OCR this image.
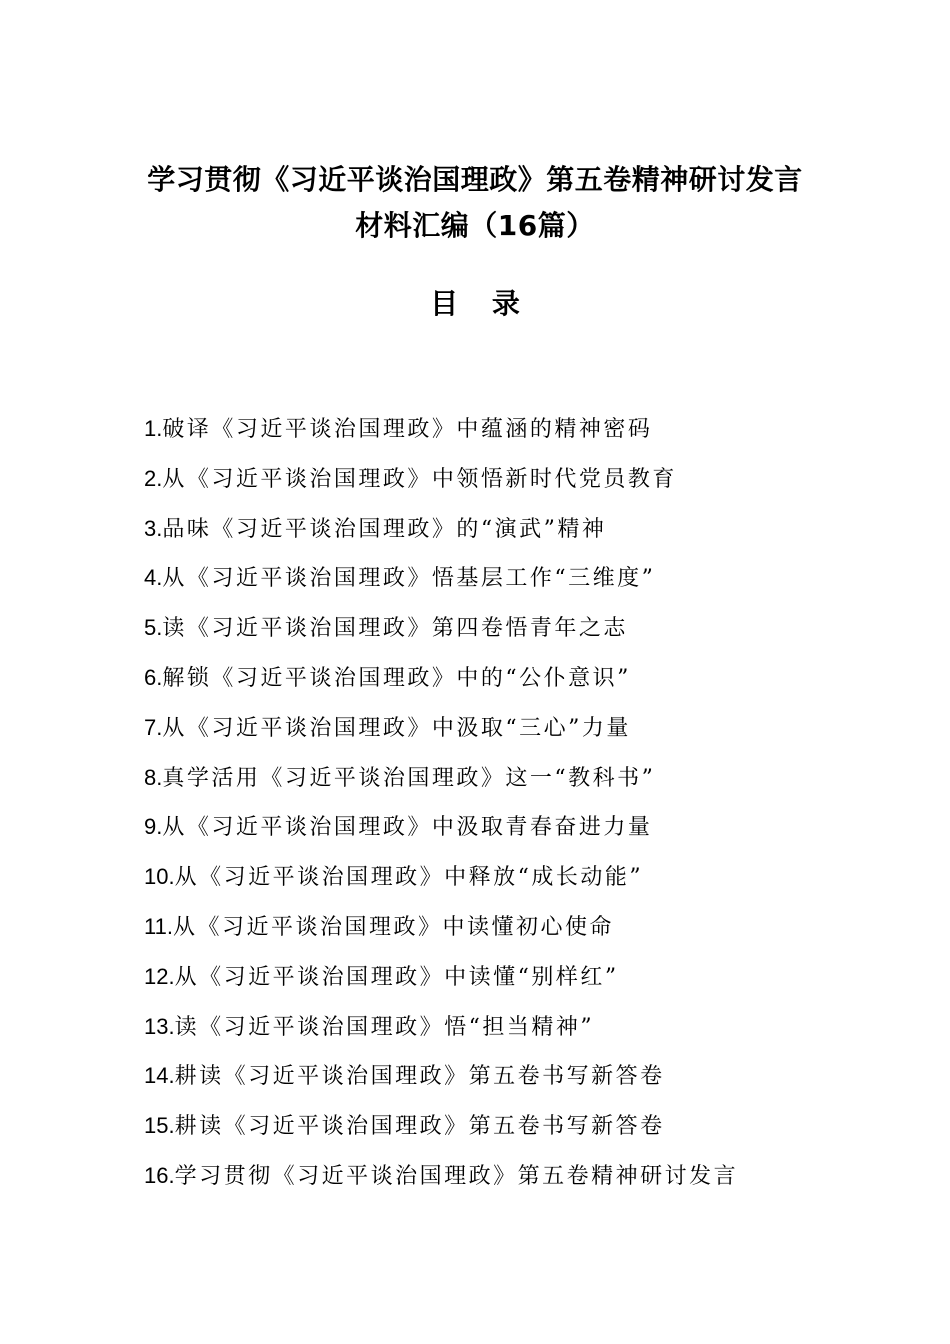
学习贯彻《习近平谈治国理政》第五卷精神研讨发言
材料汇编（16篇）
目 录
1.破译《习近平谈治国理政》中蕴涵的精神密码
2.从《习近平谈治国理政》中领悟新时代党员教育
3.品味《习近平谈治国理政》的“演武”精神
4.从《习近平谈治国理政》悟基层工作“三维度”
5.读《习近平谈治国理政》第四卷悟青年之志
6.解锁《习近平谈治国理政》中的“公仆意识”
7.从《习近平谈治国理政》中汲取“三心”力量
8.真学活用《习近平谈治国理政》这一“教科书”
9.从《习近平谈治国理政》中汲取青春奋进力量
10.从《习近平谈治国理政》中释放“成长动能”
11.从《习近平谈治国理政》中读懂初心使命
12.从《习近平谈治国理政》中读懂“别样红”
13.读《习近平谈治国理政》悟“担当精神”
14.耕读《习近平谈治国理政》第五卷书写新答卷
15.耕读《习近平谈治国理政》第五卷书写新答卷
16.学习贯彻《习近平谈治国理政》第五卷精神研讨发言
